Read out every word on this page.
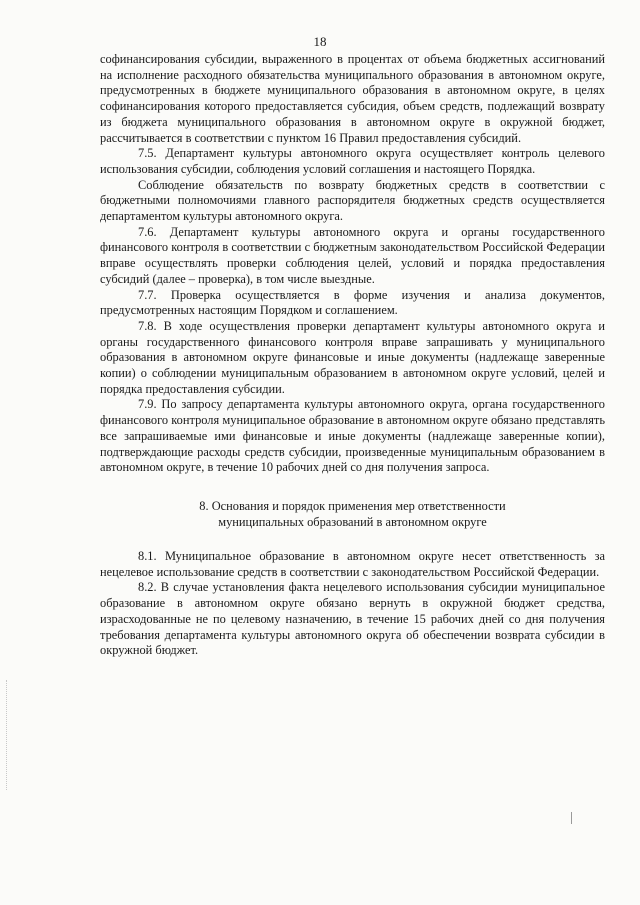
18

софинансирования субсидии, выраженного в процентах от объема бюджетных ассигнований на исполнение расходного обязательства муниципального образования в автономном округе, предусмотренных в бюджете муниципального образования в автономном округе, в целях софинансирования которого предоставляется субсидия, объем средств, подлежащий возврату из бюджета муниципального образования в автономном округе в окружной бюджет, рассчитывается в соответствии с пунктом 16 Правил предоставления субсидий.

7.5. Департамент культуры автономного округа осуществляет контроль целевого использования субсидии, соблюдения условий соглашения и настоящего Порядка.

Соблюдение обязательств по возврату бюджетных средств в соответствии с бюджетными полномочиями главного распорядителя бюджетных средств осуществляется департаментом культуры автономного округа.

7.6. Департамент культуры автономного округа и органы государственного финансового контроля в соответствии с бюджетным законодательством Российской Федерации вправе осуществлять проверки соблюдения целей, условий и порядка предоставления субсидий (далее – проверка), в том числе выездные.

7.7. Проверка осуществляется в форме изучения и анализа документов, предусмотренных настоящим Порядком и соглашением.

7.8. В ходе осуществления проверки департамент культуры автономного округа и органы государственного финансового контроля вправе запрашивать у муниципального образования в автономном округе финансовые и иные документы (надлежаще заверенные копии) о соблюдении муниципальным образованием в автономном округе условий, целей и порядка предоставления субсидии.

7.9. По запросу департамента культуры автономного округа, органа государственного финансового контроля муниципальное образование в автономном округе обязано представлять все запрашиваемые ими финансовые и иные документы (надлежаще заверенные копии), подтверждающие расходы средств субсидии, произведенные муниципальным образованием в автономном округе, в течение 10 рабочих дней со дня получения запроса.

8. Основания и порядок применения мер ответственности
муниципальных образований в автономном округе

8.1. Муниципальное образование в автономном округе несет ответственность за нецелевое использование средств в соответствии с законодательством Российской Федерации.

8.2. В случае установления факта нецелевого использования субсидии муниципальное образование в автономном округе обязано вернуть в окружной бюджет средства, израсходованные не по целевому назначению, в течение 15 рабочих дней со дня получения требования департамента культуры автономного округа об обеспечении возврата субсидии в окружной бюджет.
